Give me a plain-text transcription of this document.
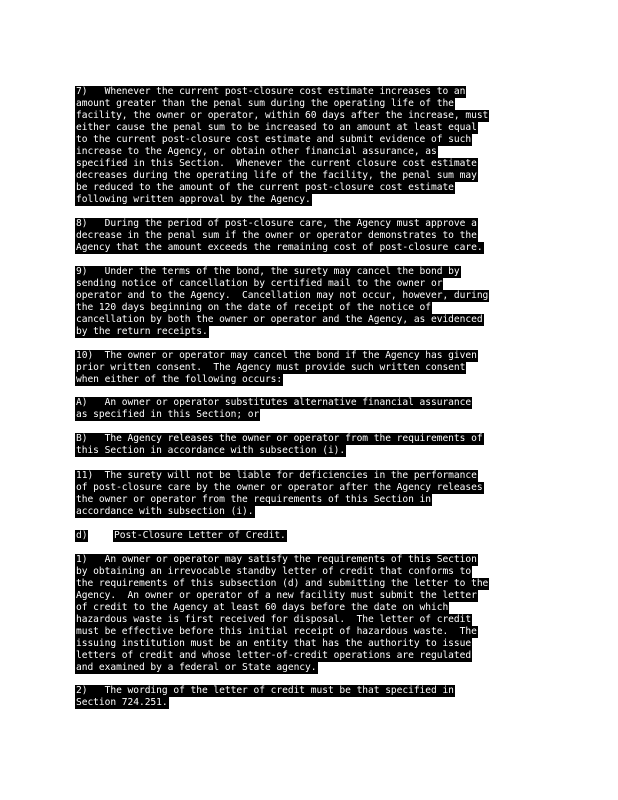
7)   Whenever the current post-closure cost estimate increases to an
amount greater than the penal sum during the operating life of the
facility, the owner or operator, within 60 days after the increase, must
either cause the penal sum to be increased to an amount at least equal
to the current post-closure cost estimate and submit evidence of such
increase to the Agency, or obtain other financial assurance, as
specified in this Section.  Whenever the current closure cost estimate
decreases during the operating life of the facility, the penal sum may
be reduced to the amount of the current post-closure cost estimate
following written approval by the Agency.
8)   During the period of post-closure care, the Agency must approve a
decrease in the penal sum if the owner or operator demonstrates to the
Agency that the amount exceeds the remaining cost of post-closure care.
9)   Under the terms of the bond, the surety may cancel the bond by
sending notice of cancellation by certified mail to the owner or
operator and to the Agency.  Cancellation may not occur, however, during
the 120 days beginning on the date of receipt of the notice of
cancellation by both the owner or operator and the Agency, as evidenced
by the return receipts.
10)  The owner or operator may cancel the bond if the Agency has given
prior written consent.  The Agency must provide such written consent
when either of the following occurs:
A)   An owner or operator substitutes alternative financial assurance
as specified in this Section; or
B)   The Agency releases the owner or operator from the requirements of
this Section in accordance with subsection (i).
11)  The surety will not be liable for deficiencies in the performance
of post-closure care by the owner or operator after the Agency releases
the owner or operator from the requirements of this Section in
accordance with subsection (i).
d)	Post-Closure Letter of Credit.
1)   An owner or operator may satisfy the requirements of this Section
by obtaining an irrevocable standby letter of credit that conforms to
the requirements of this subsection (d) and submitting the letter to the
Agency.  An owner or operator of a new facility must submit the letter
of credit to the Agency at least 60 days before the date on which
hazardous waste is first received for disposal.  The letter of credit
must be effective before this initial receipt of hazardous waste.  The
issuing institution must be an entity that has the authority to issue
letters of credit and whose letter-of-credit operations are regulated
and examined by a federal or State agency.
2)   The wording of the letter of credit must be that specified in
Section 724.251.
